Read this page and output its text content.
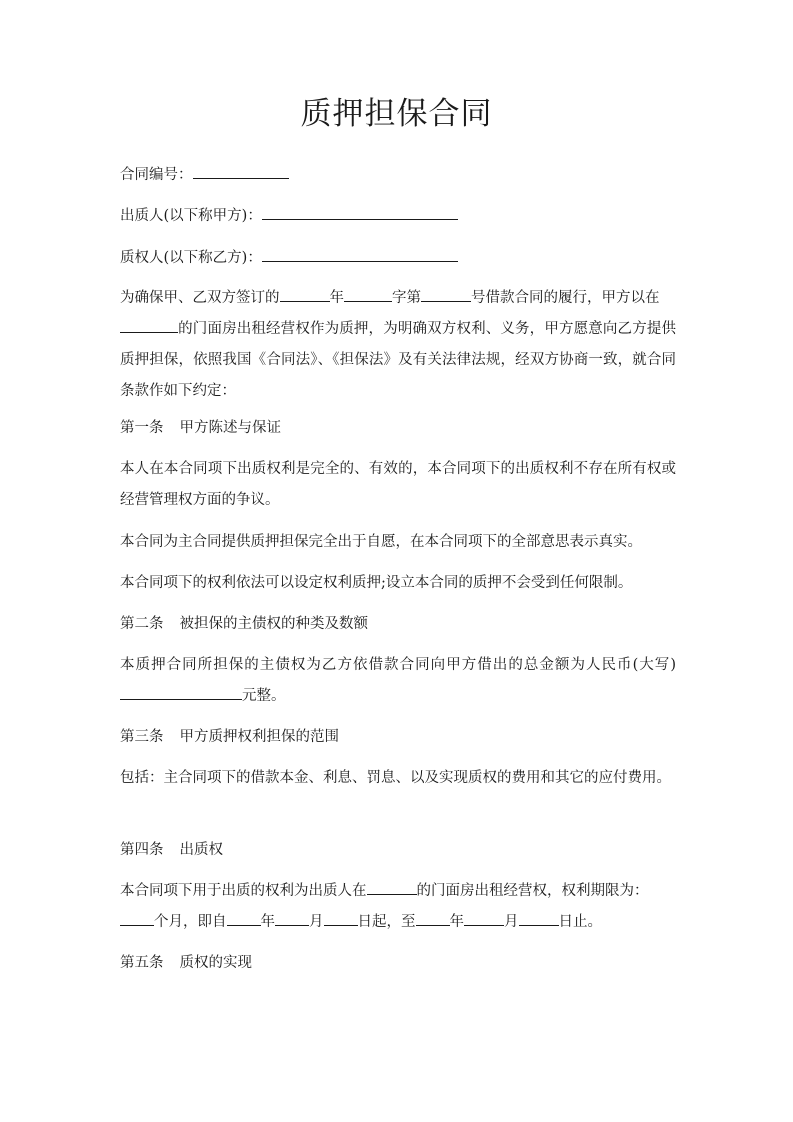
质押担保合同
合同编号：
出质人(以下称甲方)：
质权人(以下称乙方)：
为确保甲、乙双方签订的	年	字第	号借款合同的履行，甲方以在
的门面房出租经营权作为质押，为明确双方权利、义务，甲方愿意向乙方提供质押担保，依照我国《合同法》、《担保法》及有关法律法规，经双方协商一致，就合同条款作如下约定：
第一条 甲方陈述与保证
本人在本合同项下出质权利是完全的、有效的，本合同项下的出质权利不存在所有权或经营管理权方面的争议。
本合同为主合同提供质押担保完全出于自愿，在本合同项下的全部意思表示真实。
本合同项下的权利依法可以设定权利质押;设立本合同的质押不会受到任何限制。
第二条 被担保的主债权的种类及数额
本质押合同所担保的主债权为乙方依借款合同向甲方借出的总金额为人民币(大写)元整。
第三条 甲方质押权利担保的范围
包括：主合同项下的借款本金、利息、罚息、以及实现质权的费用和其它的应付费用。
第四条 出质权
本合同项下用于出质的权利为出质人在	的门面房出租经营权，权利期限为：
个月，即自 年 月 日起，至 年	月	日止。
第五条 质权的实现
